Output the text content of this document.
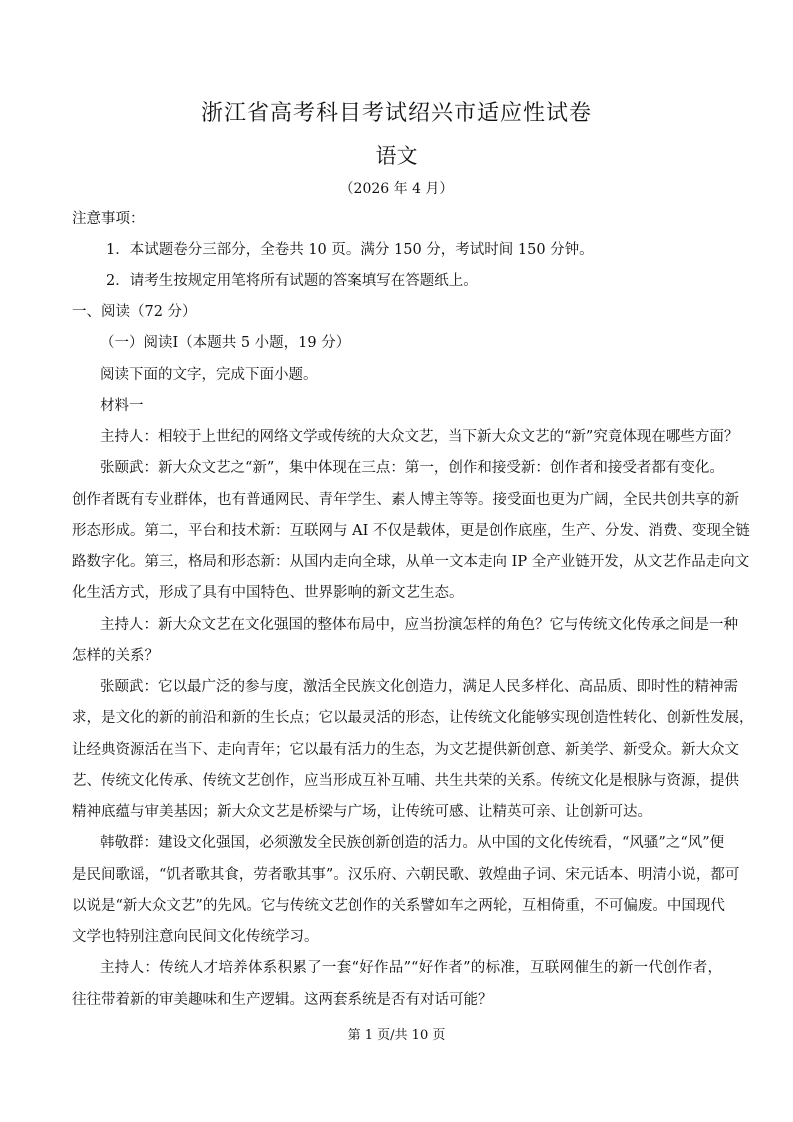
浙江省高考科目考试绍兴市适应性试卷
语文
（2026 年 4 月）
注意事项：
1．本试题卷分三部分，全卷共 10 页。满分 150 分，考试时间 150 分钟。
2．请考生按规定用笔将所有试题的答案填写在答题纸上。
一、阅读（72 分）
（一）阅读Ⅰ（本题共 5 小题，19 分）
阅读下面的文字，完成下面小题。
材料一
主持人：相较于上世纪的网络文学或传统的大众文艺，当下新大众文艺的“新”究竟体现在哪些方面？
张颐武：新大众文艺之“新”，集中体现在三点：第一，创作和接受新：创作者和接受者都有变化。
创作者既有专业群体，也有普通网民、青年学生、素人博主等等。接受面也更为广阔，全民共创共享的新
形态形成。第二，平台和技术新：互联网与 AI 不仅是载体，更是创作底座，生产、分发、消费、变现全链
路数字化。第三，格局和形态新：从国内走向全球，从单一文本走向 IP 全产业链开发，从文艺作品走向文
化生活方式，形成了具有中国特色、世界影响的新文艺生态。
主持人：新大众文艺在文化强国的整体布局中，应当扮演怎样的角色？它与传统文化传承之间是一种
怎样的关系？
张颐武：它以最广泛的参与度，激活全民族文化创造力，满足人民多样化、高品质、即时性的精神需
求，是文化的新的前沿和新的生长点；它以最灵活的形态，让传统文化能够实现创造性转化、创新性发展，
让经典资源活在当下、走向青年；它以最有活力的生态，为文艺提供新创意、新美学、新受众。新大众文
艺、传统文化传承、传统文艺创作，应当形成互补互哺、共生共荣的关系。传统文化是根脉与资源，提供
精神底蕴与审美基因；新大众文艺是桥梁与广场，让传统可感、让精英可亲、让创新可达。
韩敬群：建设文化强国，必须激发全民族创新创造的活力。从中国的文化传统看，“风骚”之“风”便
是民间歌谣，“饥者歌其食，劳者歌其事”。汉乐府、六朝民歌、敦煌曲子词、宋元话本、明清小说，都可
以说是“新大众文艺”的先风。它与传统文艺创作的关系譬如车之两轮，互相倚重，不可偏废。中国现代
文学也特别注意向民间文化传统学习。
主持人：传统人才培养体系积累了一套“好作品”“好作者”的标准，互联网催生的新一代创作者，
往往带着新的审美趣味和生产逻辑。这两套系统是否有对话可能？
第 1 页/共 10 页
